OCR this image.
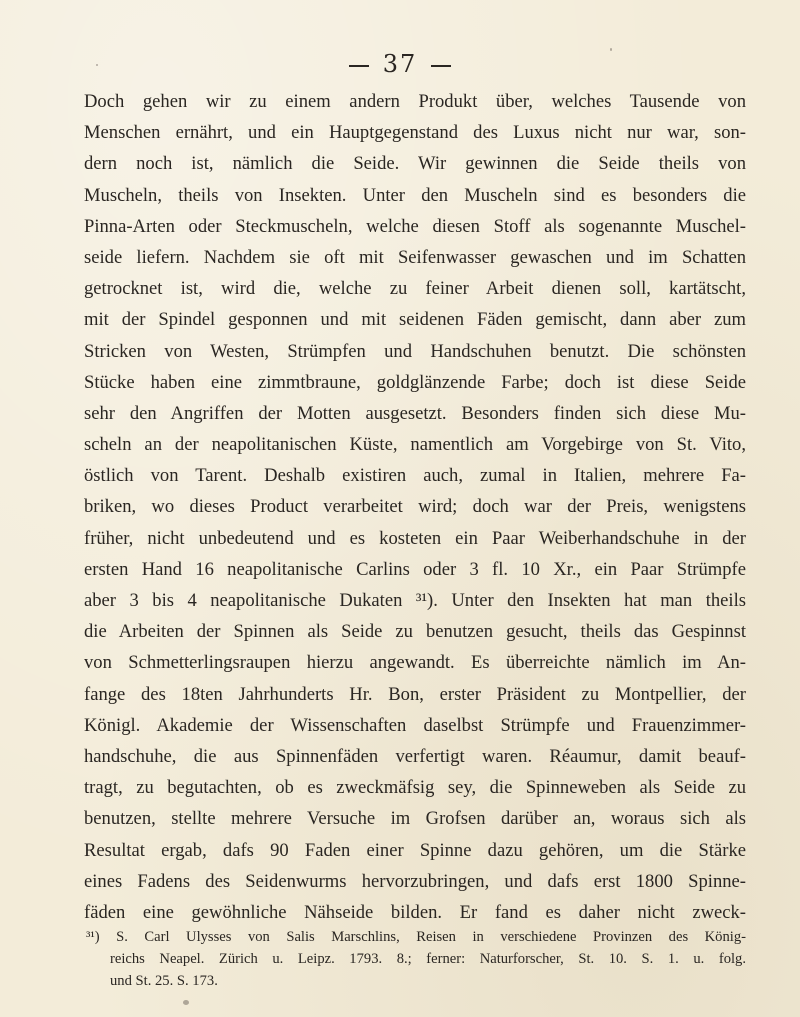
37
Doch gehen wir zu einem andern Produkt über, welches Tausende von
Menschen ernährt, und ein Hauptgegenstand des Luxus nicht nur war, son-
dern noch ist, nämlich die Seide. Wir gewinnen die Seide theils von
Muscheln, theils von Insekten. Unter den Muscheln sind es besonders die
Pinna-Arten oder Steckmuscheln, welche diesen Stoff als sogenannte Muschel-
seide liefern. Nachdem sie oft mit Seifenwasser gewaschen und im Schatten
getrocknet ist, wird die, welche zu feiner Arbeit dienen soll, kartätscht,
mit der Spindel gesponnen und mit seidenen Fäden gemischt, dann aber zum
Stricken von Westen, Strümpfen und Handschuhen benutzt. Die schönsten
Stücke haben eine zimmtbraune, goldglänzende Farbe; doch ist diese Seide
sehr den Angriffen der Motten ausgesetzt. Besonders finden sich diese Mu-
scheln an der neapolitanischen Küste, namentlich am Vorgebirge von St. Vito,
östlich von Tarent. Deshalb existiren auch, zumal in Italien, mehrere Fa-
briken, wo dieses Product verarbeitet wird; doch war der Preis, wenigstens
früher, nicht unbedeutend und es kosteten ein Paar Weiberhandschuhe in der
ersten Hand 16 neapolitanische Carlins oder 3 fl. 10 Xr., ein Paar Strümpfe
aber 3 bis 4 neapolitanische Dukaten ³¹). Unter den Insekten hat man theils
die Arbeiten der Spinnen als Seide zu benutzen gesucht, theils das Gespinnst
von Schmetterlingsraupen hierzu angewandt. Es überreichte nämlich im An-
fange des 18ten Jahrhunderts Hr. Bon, erster Präsident zu Montpellier, der
Königl. Akademie der Wissenschaften daselbst Strümpfe und Frauenzimmer-
handschuhe, die aus Spinnenfäden verfertigt waren. Réaumur, damit beauf-
tragt, zu begutachten, ob es zweckmäfsig sey, die Spinneweben als Seide zu
benutzen, stellte mehrere Versuche im Grofsen darüber an, woraus sich als
Resultat ergab, dafs 90 Faden einer Spinne dazu gehören, um die Stärke
eines Fadens des Seidenwurms hervorzubringen, und dafs erst 1800 Spinne-
fäden eine gewöhnliche Nähseide bilden. Er fand es daher nicht zweck-
³¹) S. Carl Ulysses von Salis Marschlins, Reisen in verschiedene Provinzen des König-
reichs Neapel. Zürich u. Leipz. 1793. 8.; ferner: Naturforscher, St. 10. S. 1. u. folg.
und St. 25. S. 173.
